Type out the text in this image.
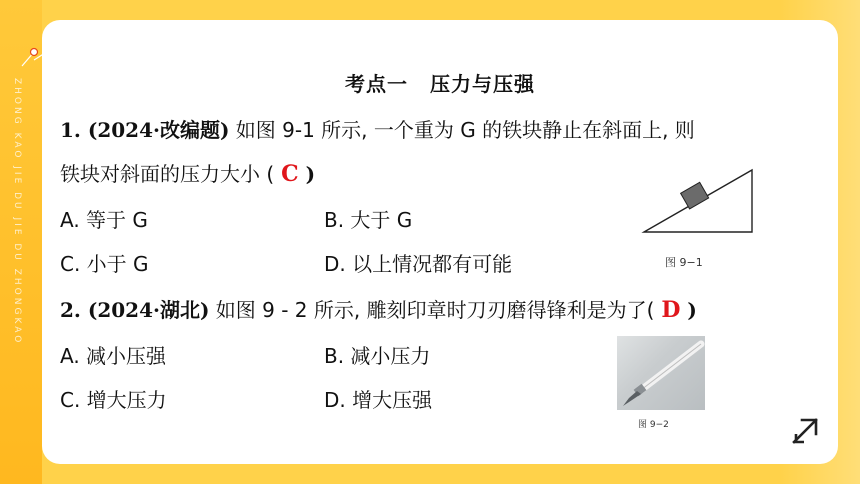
ZHONG KAO JIE DU JIE DU ZHONGKAO	考点一 压力与压强
1. (2024·改编题) 如图 9-1 所示, 一个重为 G 的铁块静止在斜面上, 则
铁块对斜面的压力大小 ( C )
A. 等于 G	B. 大于 G
C. 小于 G	D. 以上情况都有可能
2. (2024·湖北) 如图 9 - 2 所示, 雕刻印章时刀刃磨得锋利是为了( D )
A. 减小压强	B. 减小压力
C. 增大压力	D. 增大压强
图 9−1
图 9−2
